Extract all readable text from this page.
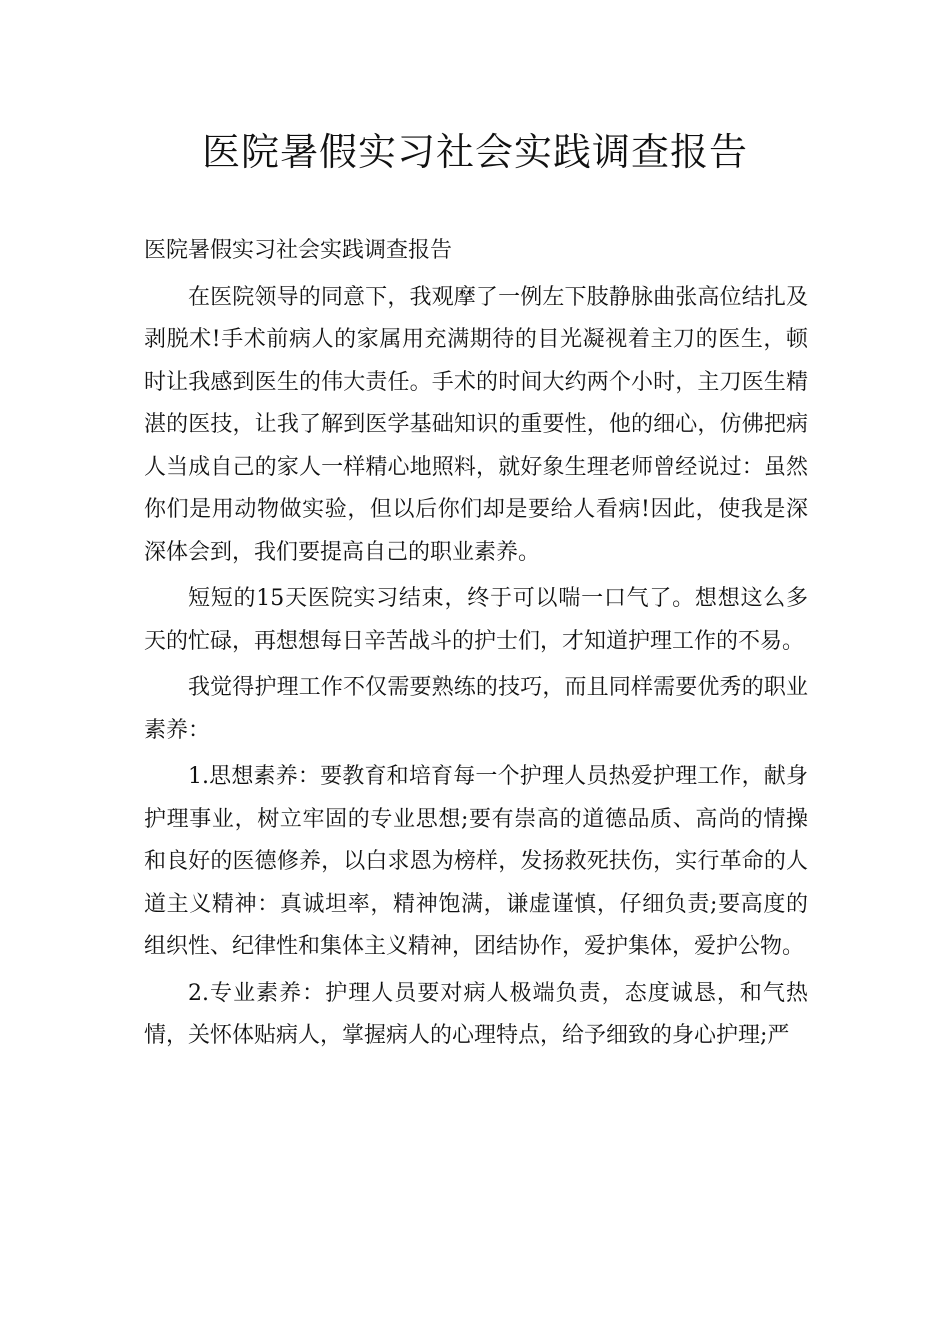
医院暑假实习社会实践调查报告

医院暑假实习社会实践调查报告

在医院领导的同意下，我观摩了一例左下肢静脉曲张高位结扎及剥脱术!手术前病人的家属用充满期待的目光凝视着主刀的医生，顿时让我感到医生的伟大责任。手术的时间大约两个小时，主刀医生精湛的医技，让我了解到医学基础知识的重要性，他的细心，仿佛把病人当成自己的家人一样精心地照料，就好象生理老师曾经说过：虽然你们是用动物做实验，但以后你们却是要给人看病!因此，使我是深深体会到，我们要提高自己的职业素养。

短短的15天医院实习结束，终于可以喘一口气了。想想这么多天的忙碌，再想想每日辛苦战斗的护士们，才知道护理工作的不易。

我觉得护理工作不仅需要熟练的技巧，而且同样需要优秀的职业素养：

1.思想素养：要教育和培育每一个护理人员热爱护理工作，献身护理事业，树立牢固的专业思想;要有崇高的道德品质、高尚的情操和良好的医德修养，以白求恩为榜样，发扬救死扶伤，实行革命的人道主义精神：真诚坦率，精神饱满，谦虚谨慎，仔细负责;要高度的组织性、纪律性和集体主义精神，团结协作，爱护集体，爱护公物。

2.专业素养：护理人员要对病人极端负责，态度诚恳，和气热情，关怀体贴病人，掌握病人的心理特点，给予细致的身心护理;严
